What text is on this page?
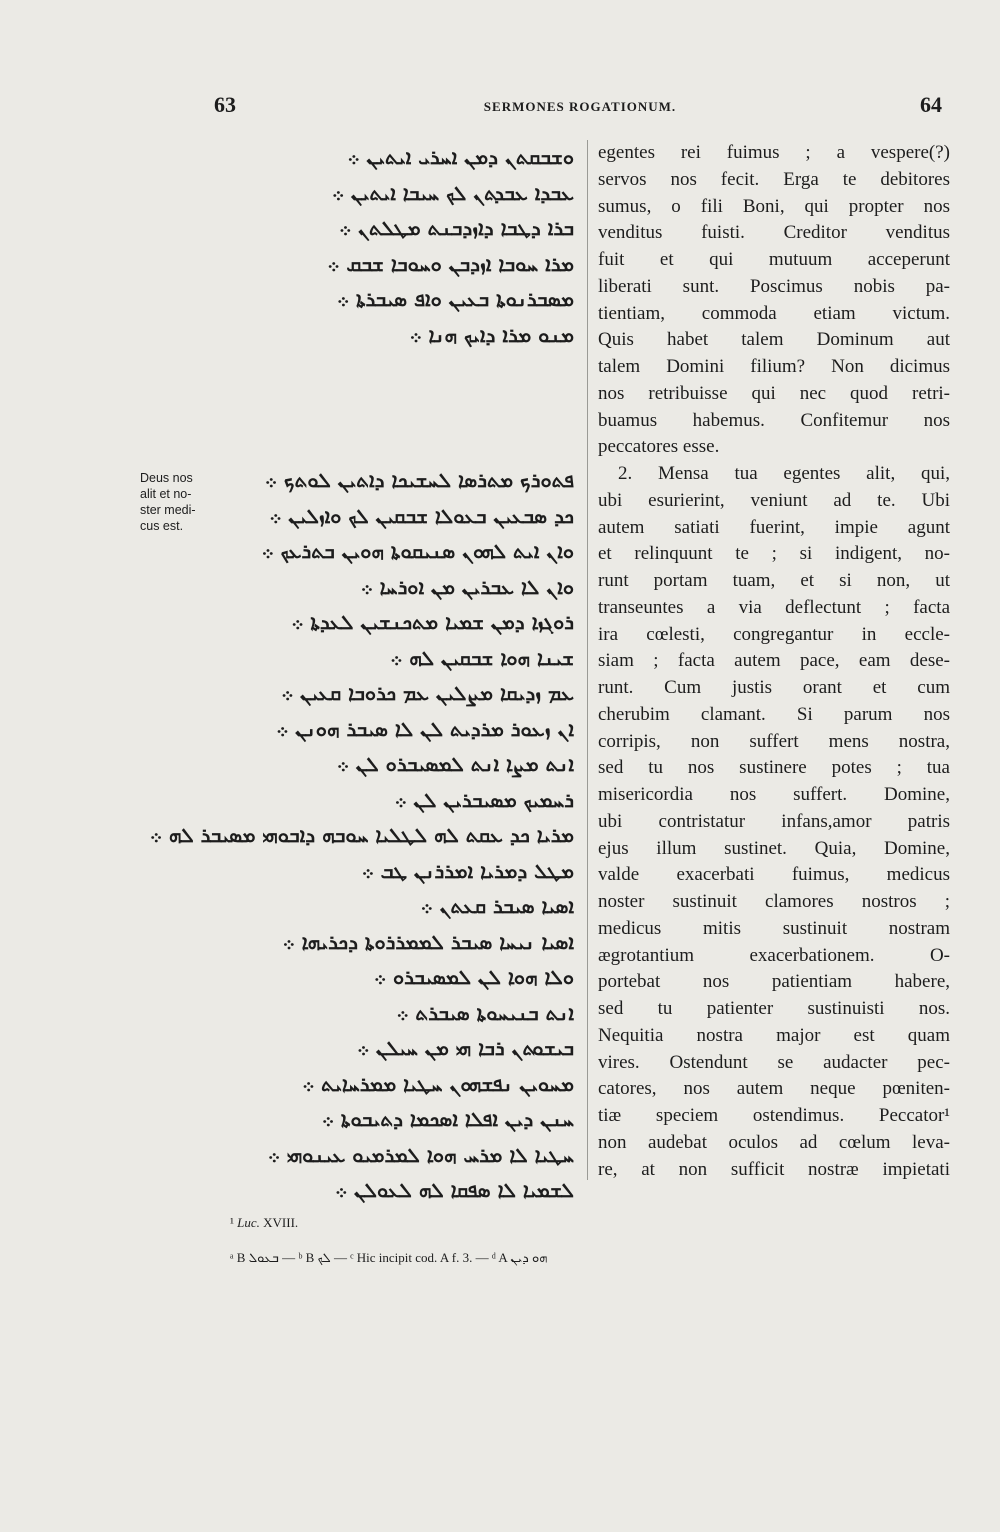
63	SERMONES ROGATIONUM.	64
Deus nos
alit et no-
ster medi-
cus est.
ܘܫܒܩܬܢ ܕܡܢ ܐܚܪܝ ܐܝܬܝܢ ܀
ܥܒܕܐ ܥܒܕܬܢ ܠܟ ܚܝܒܐ ܐܝܬܝܢ ܀
ܒܪܐ ܕܛܒܐ ܕܐܙܕܒܢܬ ܡܛܠܬܢ ܀
ܡܪܐ ܚܘܒܐ ܐܙܕܒܢ ܘܚܘܒܐ ܫܒܩ ܀
ܡܣܒܪܢܘܬܐ ܒܥܝܢ ܘܐܦ ܣܝܒܪܬܐ ܀
ܡܢܘ ܡܪܐ ܕܐܝܟ ܗܢܐ ܀
ܦܬܘܪܟ ܡܬܪܣܐ ܠܚܫܝܟܐ ܕܐܬܝܢ ܠܘܬܟ ܀
ܟܕ ܣܒܥܝܢ ܒܥܘܠܐ ܫܒܩܝܢ ܠܟ ܘܐܙܠܝܢ ܀
ܘܐܢ ܐܝܬ ܠܗܘܢ ܣܢܝܩܘܬܐ ܗܘܝܢ ܒܬܪܥܟ ܀
ܘܐܢ ܠܐ ܥܒܪܝܢ ܡܢ ܐܘܪܚܐ ܀
ܪܘܓܙܐ ܕܡܢ ܫܡܝܐ ܡܬܟܢܫܝܢ ܠܥܕܬܐ ܀
ܫܝܢܐ ܗܘܐ ܫܒܩܝܢ ܠܗ ܀
ܥܡ ܙܕܝܩܐ ܡܨܠܝܢ ܥܡ ܟܪܘܒܐ ܩܥܝܢ ܀
ܐܢ ܙܥܘܪ ܡܪܕܝܬ ܠܢ ܠܐ ܣܝܒܪ ܗܘܢܢ ܀
ܐܢܬ ܡܨܐ ܐܢܬ ܠܡܣܝܒܪܘ ܠܢ ܀
ܪܚܡܝܟ ܡܣܝܒܪܝܢ ܠܢ ܀
ܡܪܝܐ ܟܕ ܥܩܬ ܠܗ ܠܛܠܝܐ ܚܘܒܗ ܕܐܒܘܗܝ ܡܣܝܒܪ ܠܗ ܀
ܡܛܠ ܕܡܪܝܐ ܐܡܪܪܢܢ ܛܒ ܀
ܐܣܝܐ ܣܝܒܪ ܩܥܬܢ ܀
ܐܣܝܐ ܢܝܚܐ ܣܝܒܪ ܠܡܡܪܪܘܬܐ ܕܟܪܝܗܐ ܀
ܘܠܐ ܗܘܐ ܠܢ ܠܡܣܝܒܪܘ ܀
ܐܢܬ ܒܢܝܚܘܬܐ ܣܝܒܪܬ ܀
ܒܝܫܘܬܢ ܪܒܐ ܗܝ ܡܢ ܚܝܠܢ ܀
ܡܚܘܝܢ ܢܦܫܗܘܢ ܚܛܝܐ ܡܡܪܚܐܝܬ ܀
ܚܢܢ ܕܝܢ ܐܦܠܐ ܐܣܟܡܐ ܕܬܝܒܘܬܐ ܀
ܚܛܝܐ ܠܐ ܡܪܚ ܗܘܐ ܠܡܪܡܝܘ ܥܝܢܘܗܝ ܀
ܠܫܡܝܐ ܠܐ ܣܦܩܐ ܠܗ ܠܥܘܠܢ ܀
egentes rei fuimus ; a vespere(?)
servos nos fecit. Erga te debitores
sumus, o fili Boni, qui propter nos
venditus fuisti. Creditor venditus
fuit et qui mutuum acceperunt
liberati sunt. Poscimus nobis pa-
tientiam, commoda etiam victum.
Quis habet talem Dominum aut
talem Domini filium? Non dicimus
nos retribuisse qui nec quod retri-
buamus habemus. Confitemur nos
peccatores esse.
2. Mensa tua egentes alit, qui,
ubi esurierint, veniunt ad te. Ubi
autem satiati fuerint, impie agunt
et relinquunt te ; si indigent, no-
runt portam tuam, et si non, ut
transeuntes a via deflectunt ; facta
ira cœlesti, congregantur in eccle-
siam ; facta autem pace, eam dese-
runt. Cum justis orant et cum
cherubim clamant. Si parum nos
corripis, non suffert mens nostra,
sed tu nos sustinere potes ; tua
misericordia nos suffert. Domine,
ubi contristatur infans,amor patris
ejus illum sustinet. Quia, Domine,
valde exacerbati fuimus, medicus
noster sustinuit clamores nostros ;
medicus mitis sustinuit nostram
ægrotantium exacerbationem. O-
portebat nos patientiam habere,
sed tu patienter sustinuisti nos.
Nequitia nostra major est quam
vires. Ostendunt se audacter pec-
catores, nos autem neque pœniten-
tiæ speciem ostendimus. Peccator¹
non audebat oculos ad cœlum leva-
re, at non sufficit nostræ impietati
¹ Luc. XVIII.
ᵃ B ܒܥܘܠ — ᵇ B ܠܟ — ᶜ Hic incipit cod. A f. 3. — ᵈ A ܗܘ ܕܝܢ
